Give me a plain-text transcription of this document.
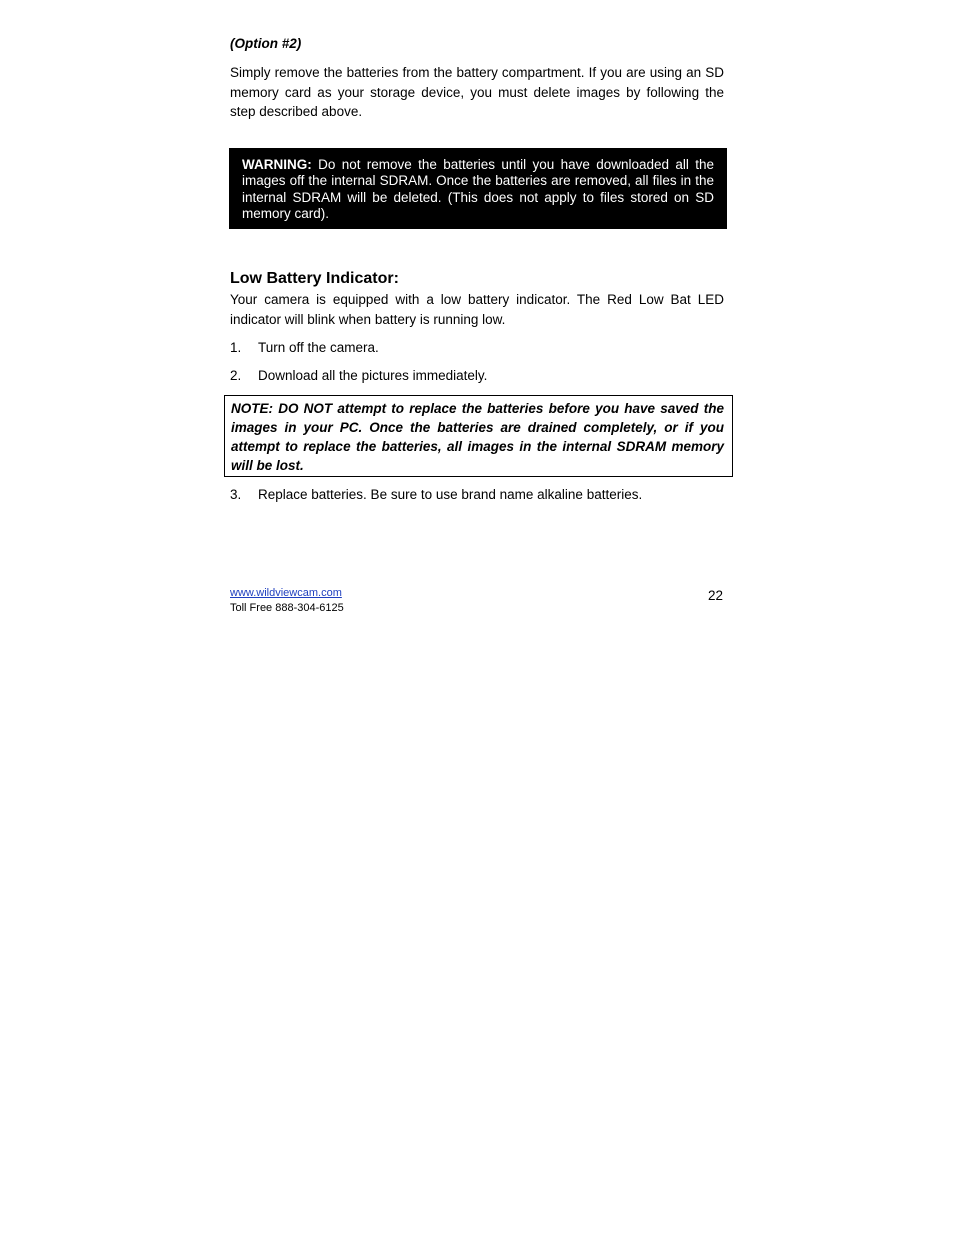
(Option #2)
Simply remove the batteries from the battery compartment. If you are using an SD memory card as your storage device, you must delete images by following the step described above.
WARNING: Do not remove the batteries until you have downloaded all the images off the internal SDRAM. Once the batteries are removed, all files in the internal SDRAM will be deleted. (This does not apply to files stored on SD memory card).
Low Battery Indicator:
Your camera is equipped with a low battery indicator. The Red Low Bat LED indicator will blink when battery is running low.
1.	Turn off the camera.
2.	Download all the pictures immediately.
NOTE: DO NOT attempt to replace the batteries before you have saved the images in your PC. Once the batteries are drained completely, or if you attempt to replace the batteries, all images in the internal SDRAM memory will be lost.
3.	Replace batteries. Be sure to use brand name alkaline batteries.
www.wildviewcam.com
Toll Free 888-304-6125
22
